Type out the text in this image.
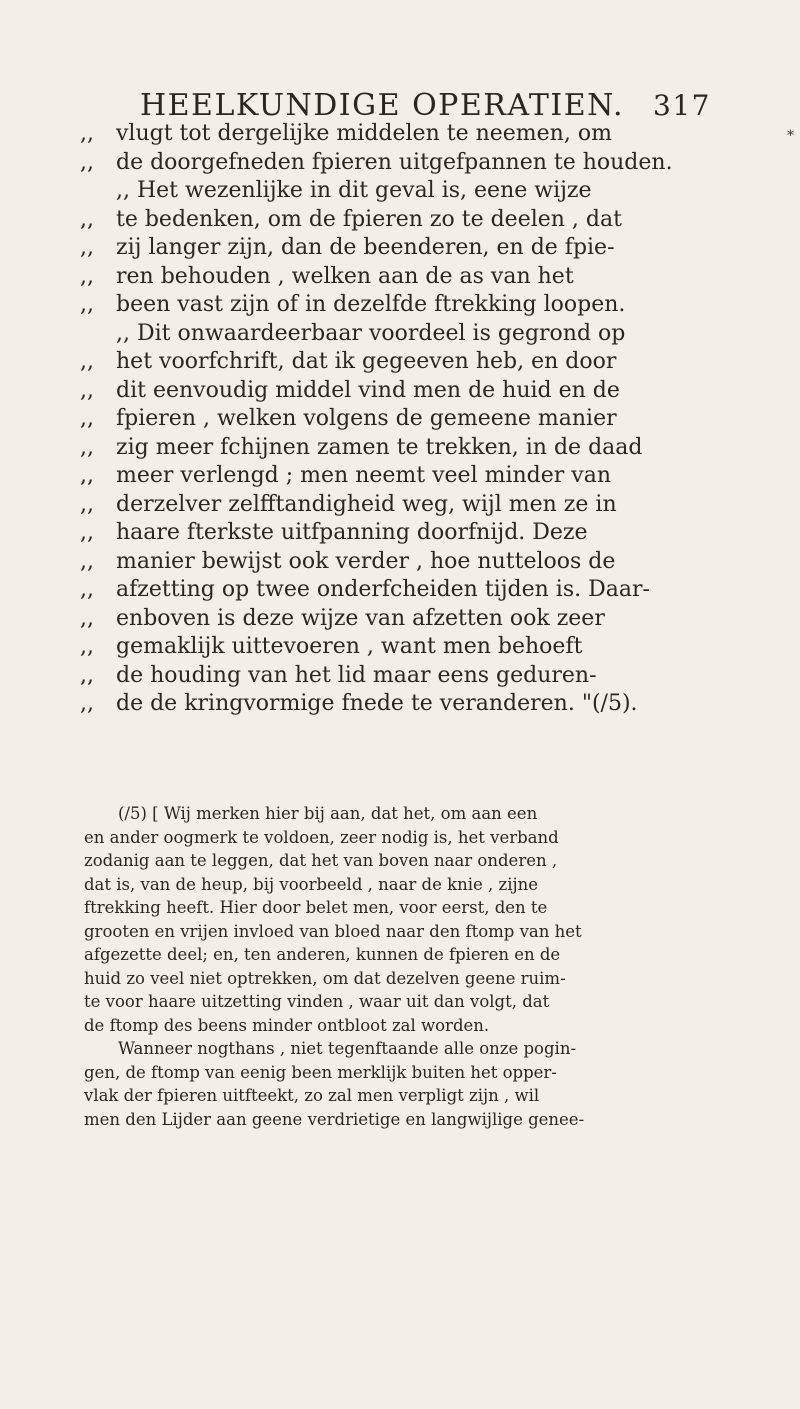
HEELKUNDIGE OPERATIEN. 317
*
,,	vlugt tot dergelijke middelen te neemen, om
,,	de doorgefneden fpieren uitgefpannen te houden.
,, Het wezenlijke in dit geval is, eene wijze
,,	te bedenken, om de fpieren zo te deelen , dat
,,	zij langer zijn, dan de beenderen, en de fpie-
,,	ren behouden , welken aan de as van het
,,	been vast zijn of in dezelfde ftrekking loopen.
,, Dit onwaardeerbaar voordeel is gegrond op
,,	het voorfchrift, dat ik gegeeven heb, en door
,,	dit eenvoudig middel vind men de huid en de
,,	fpieren , welken volgens de gemeene manier
,,	zig meer fchijnen zamen te trekken, in de daad
,,	meer verlengd ; men neemt veel minder van
,,	derzelver zelfftandigheid weg, wijl men ze in
,,	haare fterkste uitfpanning doorfnijd. Deze
,,	manier bewijst ook verder , hoe nutteloos de
,,	afzetting op twee onderfcheiden tijden is. Daar-
,,	enboven is deze wijze van afzetten ook zeer
,,	gemaklijk uittevoeren , want men behoeft
,,	de houding van het lid maar eens geduren-
,,	de de kringvormige fnede te veranderen. "(/5).
(/5) [ Wij merken hier bij aan, dat het, om aan een
en ander oogmerk te voldoen, zeer nodig is, het verband
zodanig aan te leggen, dat het van boven naar onderen ,
dat is, van de heup, bij voorbeeld , naar de knie , zijne
ftrekking heeft. Hier door belet men, voor eerst, den te
grooten en vrijen invloed van bloed naar den ftomp van het
afgezette deel; en, ten anderen, kunnen de fpieren en de
huid zo veel niet optrekken, om dat dezelven geene ruim-
te voor haare uitzetting vinden , waar uit dan volgt, dat
de ftomp des beens minder ontbloot zal worden.
Wanneer nogthans , niet tegenftaande alle onze pogin-
gen, de ftomp van eenig been merklijk buiten het opper-
vlak der fpieren uitfteekt, zo zal men verpligt zijn , wil
men den Lijder aan geene verdrietige en langwijlige genee-
